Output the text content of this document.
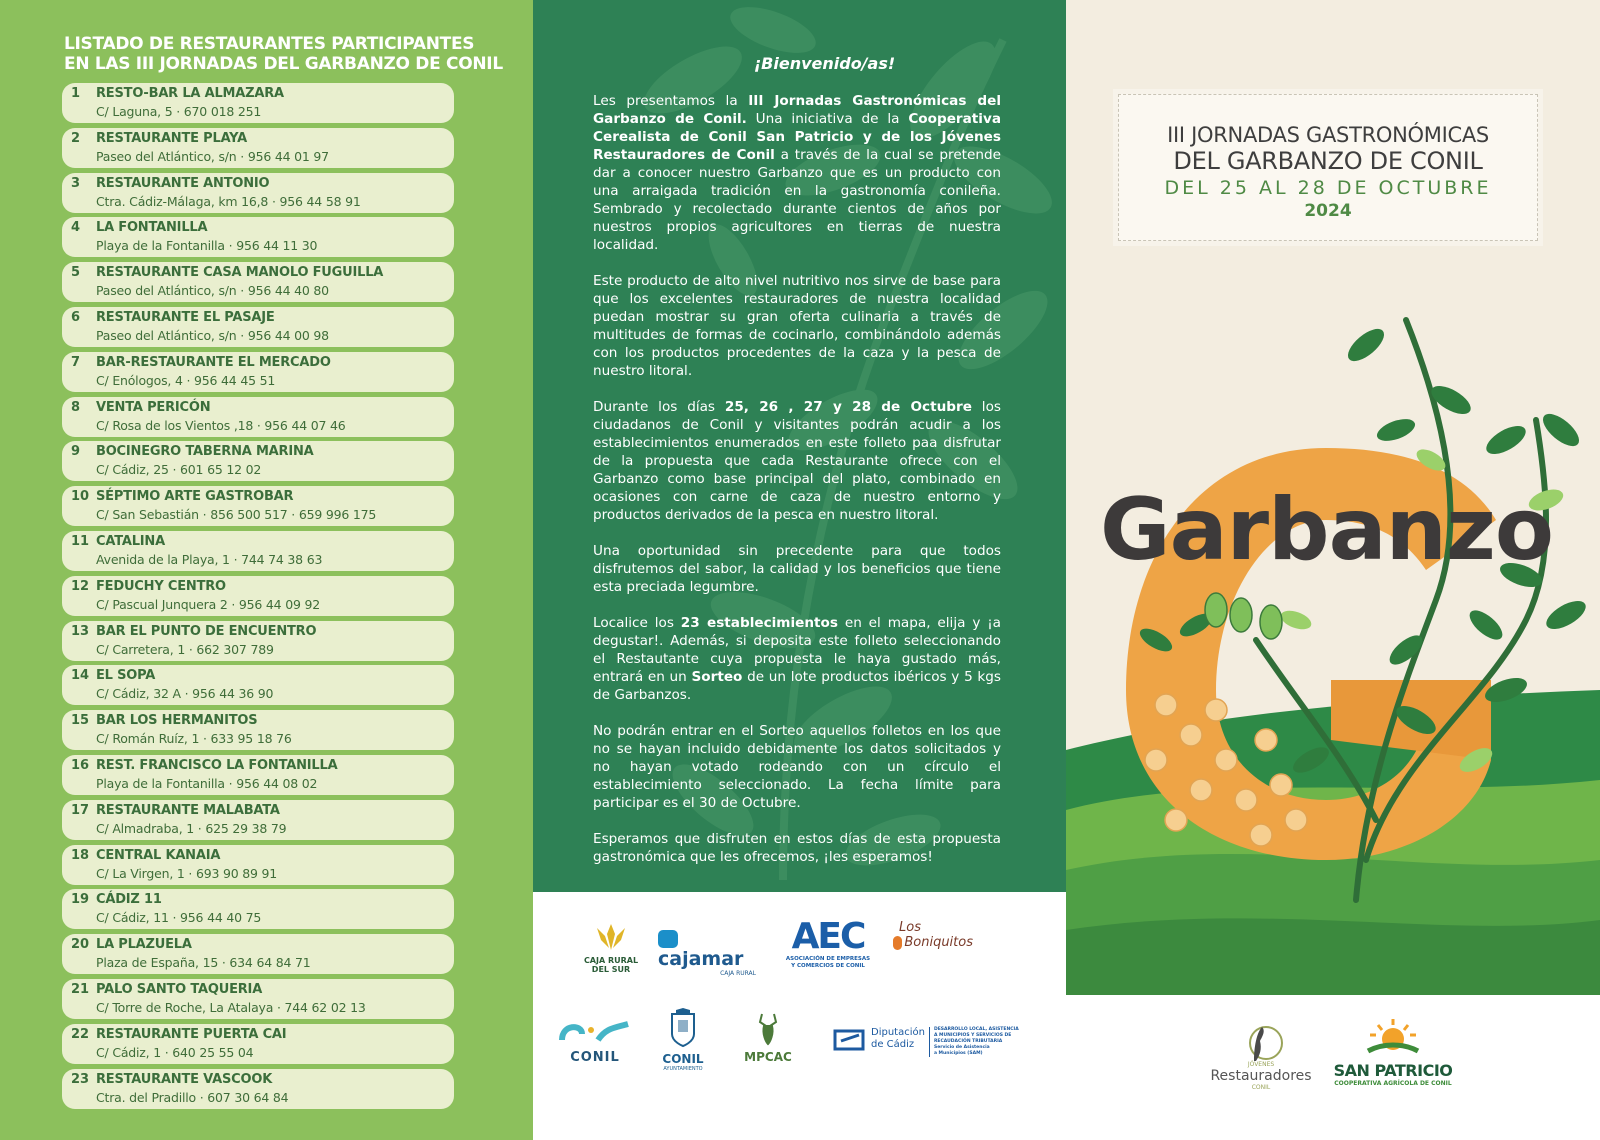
LISTADO DE RESTAURANTES PARTICIPANTES
EN LAS III JORNADAS DEL GARBANZO DE CONIL
1 RESTO-BAR LA ALMAZARA
C/ Laguna, 5 · 670 018 251
2 RESTAURANTE PLAYA
Paseo del Atlántico, s/n · 956 44 01 97
3 RESTAURANTE ANTONIO
Ctra. Cádiz-Málaga, km 16,8 · 956 44 58 91
4 LA FONTANILLA
Playa de la Fontanilla · 956 44 11 30
5 RESTAURANTE CASA MANOLO FUGUILLA
Paseo del Atlántico, s/n · 956 44 40 80
6 RESTAURANTE EL PASAJE
Paseo del Atlántico, s/n · 956 44 00 98
7 BAR-RESTAURANTE EL MERCADO
C/ Enólogos, 4 · 956 44 45 51
8 VENTA PERICÓN
C/ Rosa de los Vientos ,18 · 956 44 07 46
9 BOCINEGRO TABERNA MARINA
C/ Cádiz, 25 · 601 65 12 02
10 SÉPTIMO ARTE GASTROBAR
C/ San Sebastián · 856 500 517 · 659 996 175
11 CATALINA
Avenida de la Playa, 1 · 744 74 38 63
12 FEDUCHY CENTRO
C/ Pascual Junquera 2 · 956 44 09 92
13 BAR EL PUNTO DE ENCUENTRO
C/ Carretera, 1 · 662 307 789
14 EL SOPA
C/ Cádiz, 32 A · 956 44 36 90
15 BAR LOS HERMANITOS
C/ Román Ruíz, 1 · 633 95 18 76
16 REST. FRANCISCO LA FONTANILLA
Playa de la Fontanilla · 956 44 08 02
17 RESTAURANTE MALABATA
C/ Almadraba, 1 · 625 29 38 79
18 CENTRAL KANAIA
C/ La Virgen, 1 · 693 90 89 91
19 CÁDIZ 11
C/ Cádiz, 11 · 956 44 40 75
20 LA PLAZUELA
Plaza de España, 15 · 634 64 84 71
21 PALO SANTO TAQUERIA
C/ Torre de Roche, La Atalaya · 744 62 02 13
22 RESTAURANTE PUERTA CAI
C/ Cádiz, 1 · 640 25 55 04
23 RESTAURANTE VASCOOK
Ctra. del Pradillo · 607 30 64 84
¡Bienvenido/as!

Les presentamos la III Jornadas Gastronómicas del Garbanzo de Conil. Una iniciativa de la Cooperativa Cerealista de Conil San Patricio y de los Jóvenes Restauradores de Conil a través de la cual se pretende dar a conocer nuestro Garbanzo que es un producto con una arraigada tradición en la gastronomía conileña. Sembrado y recolectado durante cientos de años por nuestros propios agricultores en tierras de nuestra localidad.

Este producto de alto nivel nutritivo nos sirve de base para que los excelentes restauradores de nuestra localidad puedan mostrar su gran oferta culinaria a través de multitudes de formas de cocinarlo, combinándolo además con los productos procedentes de la caza y la pesca de nuestro litoral.

Durante los días 25, 26 , 27 y 28 de Octubre los ciudadanos de Conil y visitantes podrán acudir a los establecimientos enumerados en este folleto paa disfrutar de la propuesta que cada Restaurante ofrece con el Garbanzo como base principal del plato, combinado en ocasiones con carne de caza de nuestro entorno y productos derivados de la pesca en nuestro litoral.

Una oportunidad sin precedente para que todos disfrutemos del sabor, la calidad y los beneficios que tiene esta preciada legumbre.

Localice los 23 establecimientos en el mapa, elija y ¡a degustar!. Además, si deposita este folleto seleccionando el Restautante cuya propuesta le haya gustado más, entrará en un Sorteo de un lote productos ibéricos y 5 kgs de Garbanzos.

No podrán entrar en el Sorteo aquellos folletos en los que no se hayan incluido debidamente los datos solicitados y no hayan votado rodeando con un círculo el establecimiento seleccionado. La fecha límite para participar es el 30 de Octubre.

Esperamos que disfruten en estos días de esta propuesta gastronómica que les ofrecemos, ¡les esperamos!

CAJA RURAL
DEL SUR	cajamar
CAJA RURAL
AEC
ASOCIACIÓN DE EMPRESAS
Y COMERCIOS DE CONIL
Los
Boniquitos
CONIL	CONIL
AYUNTAMIENTO
MPCAC
Diputación
de Cádiz
DESARROLLO LOCAL, ASISTENCIA
A MUNICIPIOS Y SERVICIOS DE
RECAUDACIÓN TRIBUTARIA
Servicio de Asistencia
a Municipios (SAM)
III JORNADAS GASTRONÓMICAS
DEL GARBANZO DE CONIL
DEL 25 AL 28 DE OCTUBRE
2024
Garbanzo
JÓVENES
Restauradores
CONIL
SAN PATRICIO
COOPERATIVA AGRÍCOLA DE CONIL
